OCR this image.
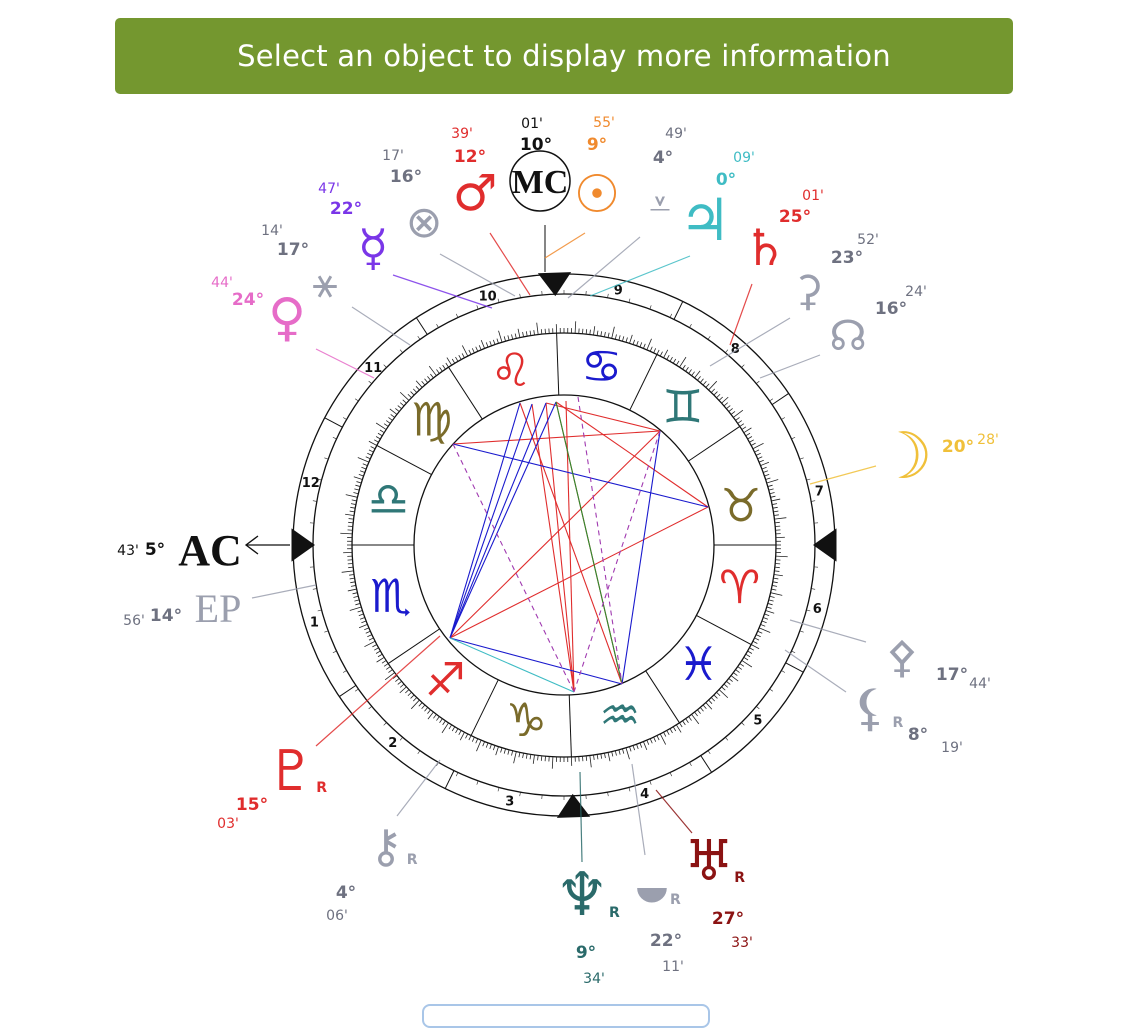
Select an object to display more information
♌ ♋
♊
♉
♈
♓
♒
♑
♐
♏
♎
♍
1
2
3	4
5
6
7
8
9
10
11
12
MC
10°
01'
♂
12°
39'
☉
9°
55'
⊗
16°
17'
⩡
4°
49'
☿
22°
47'	♃
0°
09'
♄
25°
01'
⚹
17°
14'
♀
24°
44'	⚳
23°
52'
☊
16°
24'
☽ 20° 28'
AC
5°
43'
EP
14°
56'
⚴ 17° 44'
⚸ R
8°
19'
♇ R
15°
03'	⚷ R
4°
06'	♆ R
9°
34'
⯋ R
22°
11'
♅ R
27°
33'
